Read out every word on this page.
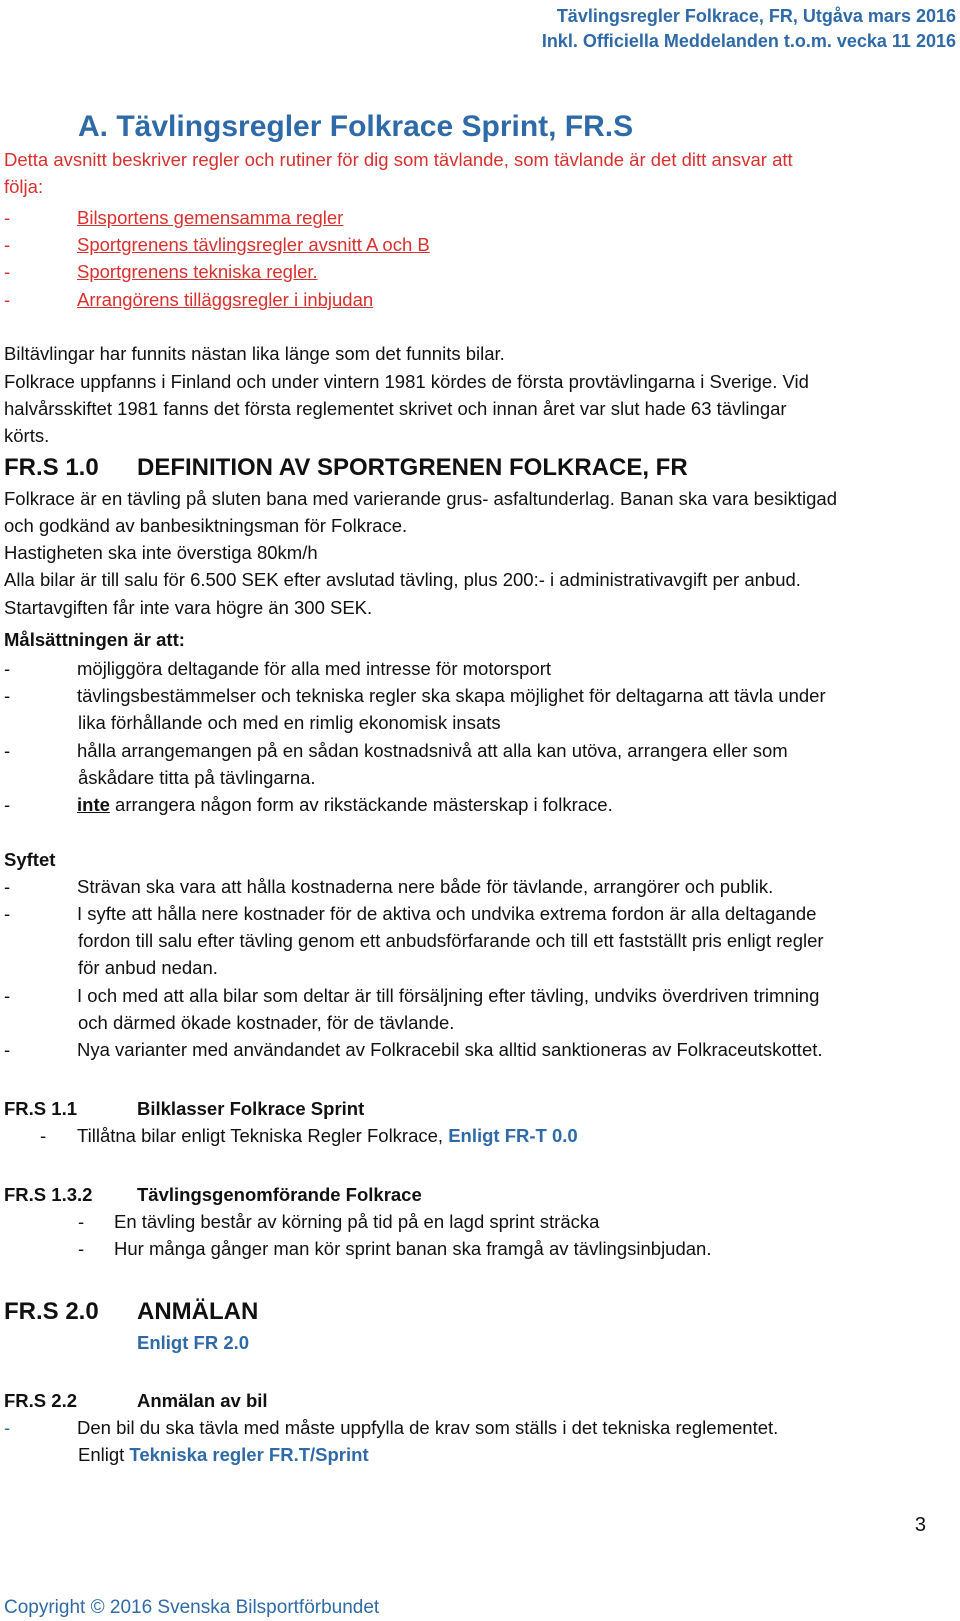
Tävlingsregler Folkrace, FR, Utgåva mars 2016
Inkl. Officiella Meddelanden t.o.m. vecka 11 2016
A. Tävlingsregler Folkrace Sprint, FR.S
Detta avsnitt beskriver regler och rutiner för dig som tävlande, som tävlande är det ditt ansvar att
följa:
-	Bilsportens gemensamma regler
-	Sportgrenens tävlingsregler avsnitt A och B
-	Sportgrenens tekniska regler.
-	Arrangörens tilläggsregler i inbjudan
Biltävlingar har funnits nästan lika länge som det funnits bilar.
Folkrace uppfanns i Finland och under vintern 1981 kördes de första provtävlingarna i Sverige. Vid
halvårsskiftet 1981 fanns det första reglementet skrivet och innan året var slut hade 63 tävlingar
körts.
FR.S 1.0 DEFINITION AV SPORTGRENEN FOLKRACE, FR
Folkrace är en tävling på sluten bana med varierande grus- asfaltunderlag. Banan ska vara besiktigad
och godkänd av banbesiktningsman för Folkrace.
Hastigheten ska inte överstiga 80km/h
Alla bilar är till salu för 6.500 SEK efter avslutad tävling, plus 200:- i administrativavgift per anbud.
Startavgiften får inte vara högre än 300 SEK.
Målsättningen är att:
-	möjliggöra deltagande för alla med intresse för motorsport
-	tävlingsbestämmelser och tekniska regler ska skapa möjlighet för deltagarna att tävla under
lika förhållande och med en rimlig ekonomisk insats
-	hålla arrangemangen på en sådan kostnadsnivå att alla kan utöva, arrangera eller som
åskådare titta på tävlingarna.
-	inte arrangera någon form av rikstäckande mästerskap i folkrace.
Syftet
-	Strävan ska vara att hålla kostnaderna nere både för tävlande, arrangörer och publik.
-	I syfte att hålla nere kostnader för de aktiva och undvika extrema fordon är alla deltagande
fordon till salu efter tävling genom ett anbudsförfarande och till ett fastställt pris enligt regler
för anbud nedan.
-	I och med att alla bilar som deltar är till försäljning efter tävling, undviks överdriven trimning
och därmed ökade kostnader, för de tävlande.
-	Nya varianter med användandet av Folkracebil ska alltid sanktioneras av Folkraceutskottet.
FR.S 1.1	Bilklasser Folkrace Sprint
- Tillåtna bilar enligt Tekniska Regler Folkrace, Enligt FR-T 0.0
FR.S 1.3.2 Tävlingsgenomförande Folkrace
- En tävling består av körning på tid på en lagd sprint sträcka
- Hur många gånger man kör sprint banan ska framgå av tävlingsinbjudan.
FR.S 2.0 ANMÄLAN
Enligt FR 2.0
FR.S 2.2	Anmälan av bil
-	Den bil du ska tävla med måste uppfylla de krav som ställs i det tekniska reglementet.
Enligt Tekniska regler FR.T/Sprint
3
Copyright © 2016 Svenska Bilsportförbundet
